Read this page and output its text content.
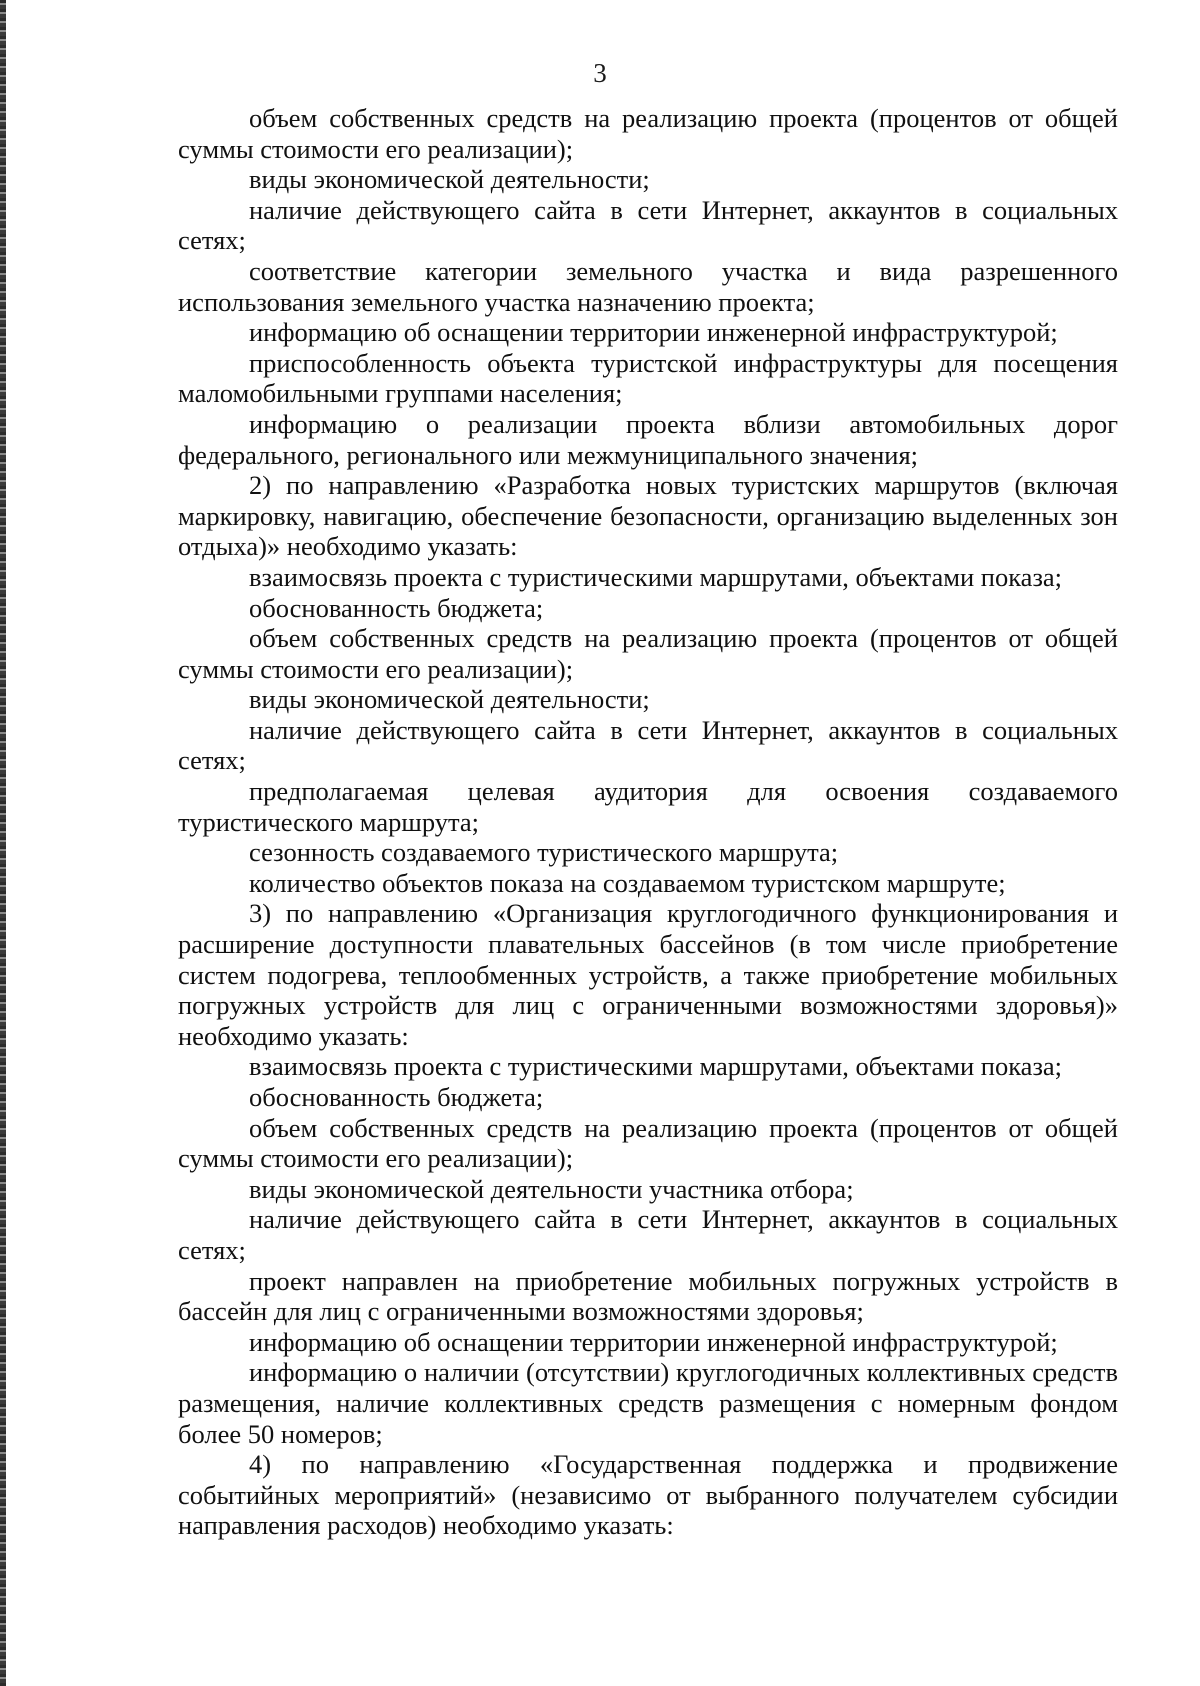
3

объем собственных средств на реализацию проекта (процентов от общей суммы стоимости его реализации);

виды экономической деятельности;

наличие действующего сайта в сети Интернет, аккаунтов в социальных сетях;

соответствие категории земельного участка и вида разрешенного использования земельного участка назначению проекта;

информацию об оснащении территории инженерной инфраструктурой;

приспособленность объекта туристской инфраструктуры для посещения маломобильными группами населения;

информацию о реализации проекта вблизи автомобильных дорог федерального, регионального или межмуниципального значения;

2) по направлению «Разработка новых туристских маршрутов (включая маркировку, навигацию, обеспечение безопасности, организацию выделенных зон отдыха)» необходимо указать:

взаимосвязь проекта с туристическими маршрутами, объектами показа;

обоснованность бюджета;

объем собственных средств на реализацию проекта (процентов от общей суммы стоимости его реализации);

виды экономической деятельности;

наличие действующего сайта в сети Интернет, аккаунтов в социальных сетях;

предполагаемая целевая аудитория для освоения создаваемого туристического маршрута;

сезонность создаваемого туристического маршрута;

количество объектов показа на создаваемом туристском маршруте;

3) по направлению «Организация круглогодичного функционирования и расширение доступности плавательных бассейнов (в том числе приобретение систем подогрева, теплообменных устройств, а также приобретение мобильных погружных устройств для лиц с ограниченными возможностями здоровья)» необходимо указать:

взаимосвязь проекта с туристическими маршрутами, объектами показа;

обоснованность бюджета;

объем собственных средств на реализацию проекта (процентов от общей суммы стоимости его реализации);

виды экономической деятельности участника отбора;

наличие действующего сайта в сети Интернет, аккаунтов в социальных сетях;

проект направлен на приобретение мобильных погружных устройств в бассейн для лиц с ограниченными возможностями здоровья;

информацию об оснащении территории инженерной инфраструктурой;

информацию о наличии (отсутствии) круглогодичных коллективных средств размещения, наличие коллективных средств размещения с номерным фондом более 50 номеров;

4) по направлению «Государственная поддержка и продвижение событийных мероприятий» (независимо от выбранного получателем субсидии направления расходов) необходимо указать:
